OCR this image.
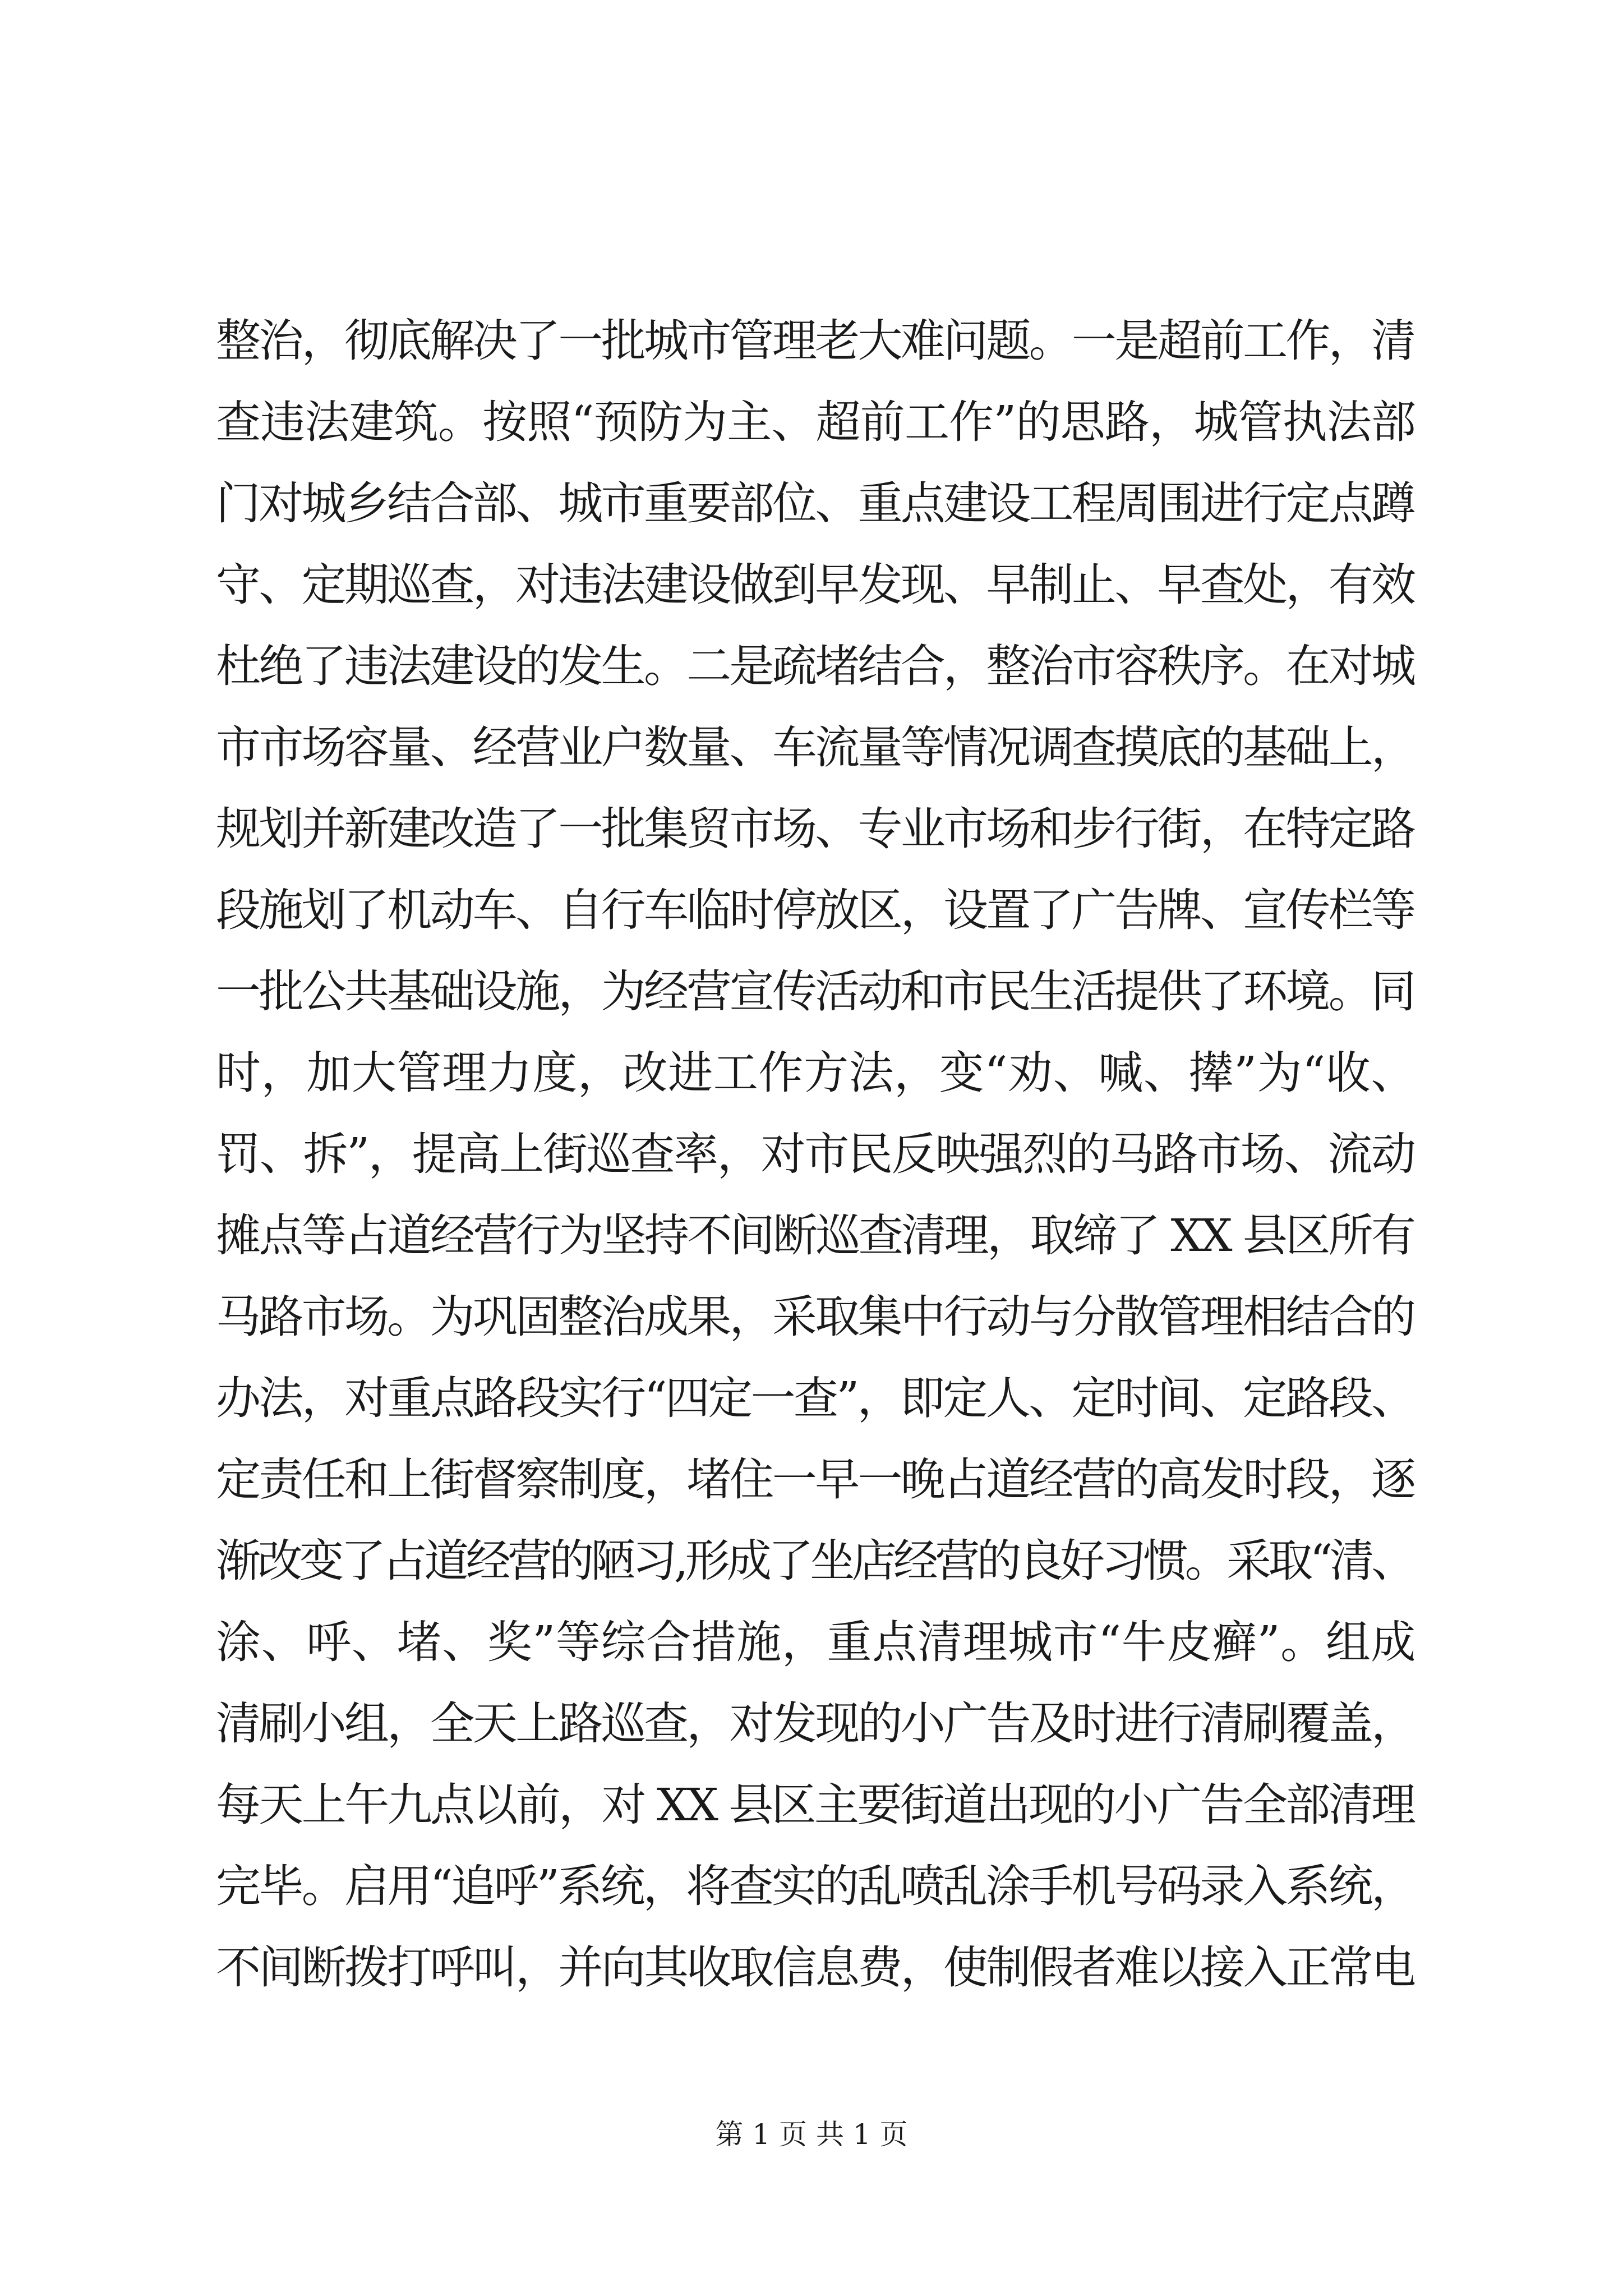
整治，彻底解决了一批城市管理老大难问题。一是超前工作，清
查违法建筑。按照“预防为主、超前工作”的思路，城管执法部
门对城乡结合部、城市重要部位、重点建设工程周围进行定点蹲
守、定期巡查，对违法建设做到早发现、早制止、早查处，有效
杜绝了违法建设的发生。二是疏堵结合，整治市容秩序。在对城
市市场容量、经营业户数量、车流量等情况调查摸底的基础上，
规划并新建改造了一批集贸市场、专业市场和步行街，在特定路
段施划了机动车、自行车临时停放区，设置了广告牌、宣传栏等
一批公共基础设施，为经营宣传活动和市民生活提供了环境。同
时，加大管理力度，改进工作方法，变“劝、喊、撵”为“收、
罚、拆”，提高上街巡查率，对市民反映强烈的马路市场、流动
摊点等占道经营行为坚持不间断巡查清理，取缔了 XX 县区所有
马路市场。为巩固整治成果，采取集中行动与分散管理相结合的
办法，对重点路段实行“四定一查”，即定人、定时间、定路段、
定责任和上街督察制度，堵住一早一晚占道经营的高发时段，逐
渐改变了占道经营的陋习,形成了坐店经营的良好习惯。采取“清、
涂、呼、堵、奖”等综合措施，重点清理城市“牛皮癣”。组成
清刷小组，全天上路巡查，对发现的小广告及时进行清刷覆盖，
每天上午九点以前，对 XX 县区主要街道出现的小广告全部清理
完毕。启用“追呼”系统，将查实的乱喷乱涂手机号码录入系统，
不间断拨打呼叫，并向其收取信息费，使制假者难以接入正常电
第 1 页 共 1 页
